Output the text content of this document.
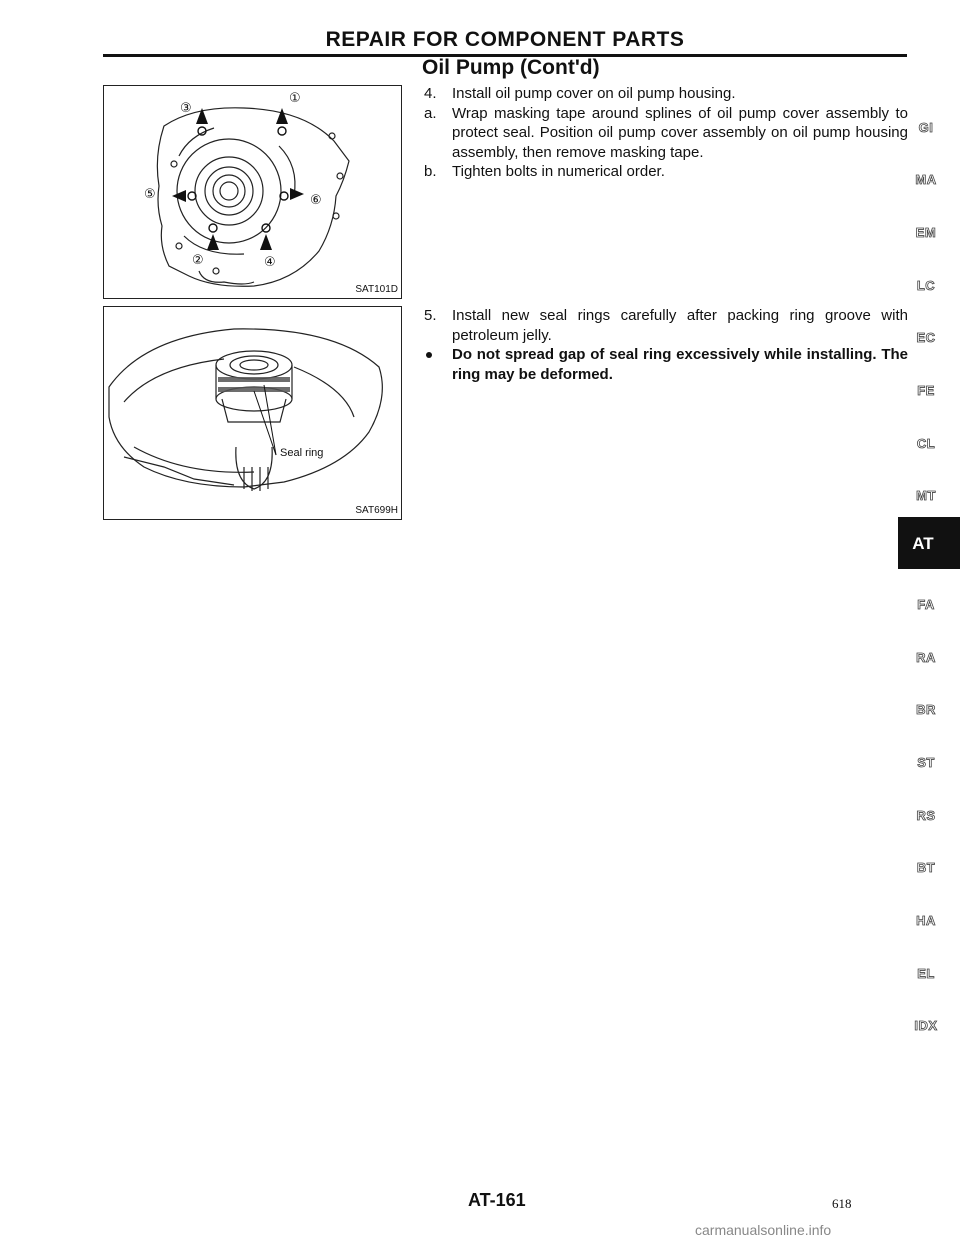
REPAIR FOR COMPONENT PARTS
Oil Pump (Cont'd)
①
②
③
④
⑤	⑥
SAT101D
Seal ring
SAT699H
4.	Install oil pump cover on oil pump housing.
a.	Wrap masking tape around splines of oil pump cover assembly to protect seal. Position oil pump cover assembly on oil pump housing assembly, then remove masking tape.
b.	Tighten bolts in numerical order.
5.	Install new seal rings carefully after packing ring groove with petroleum jelly.
Do not spread gap of seal ring excessively while installing. The ring may be deformed.
GI
MA
EM
LC
EC
FE
CL
MT
FA
RA
BR
ST
RS
BT
HA
EL
IDX
AT
AT-161	618
carmanualsonline.info
